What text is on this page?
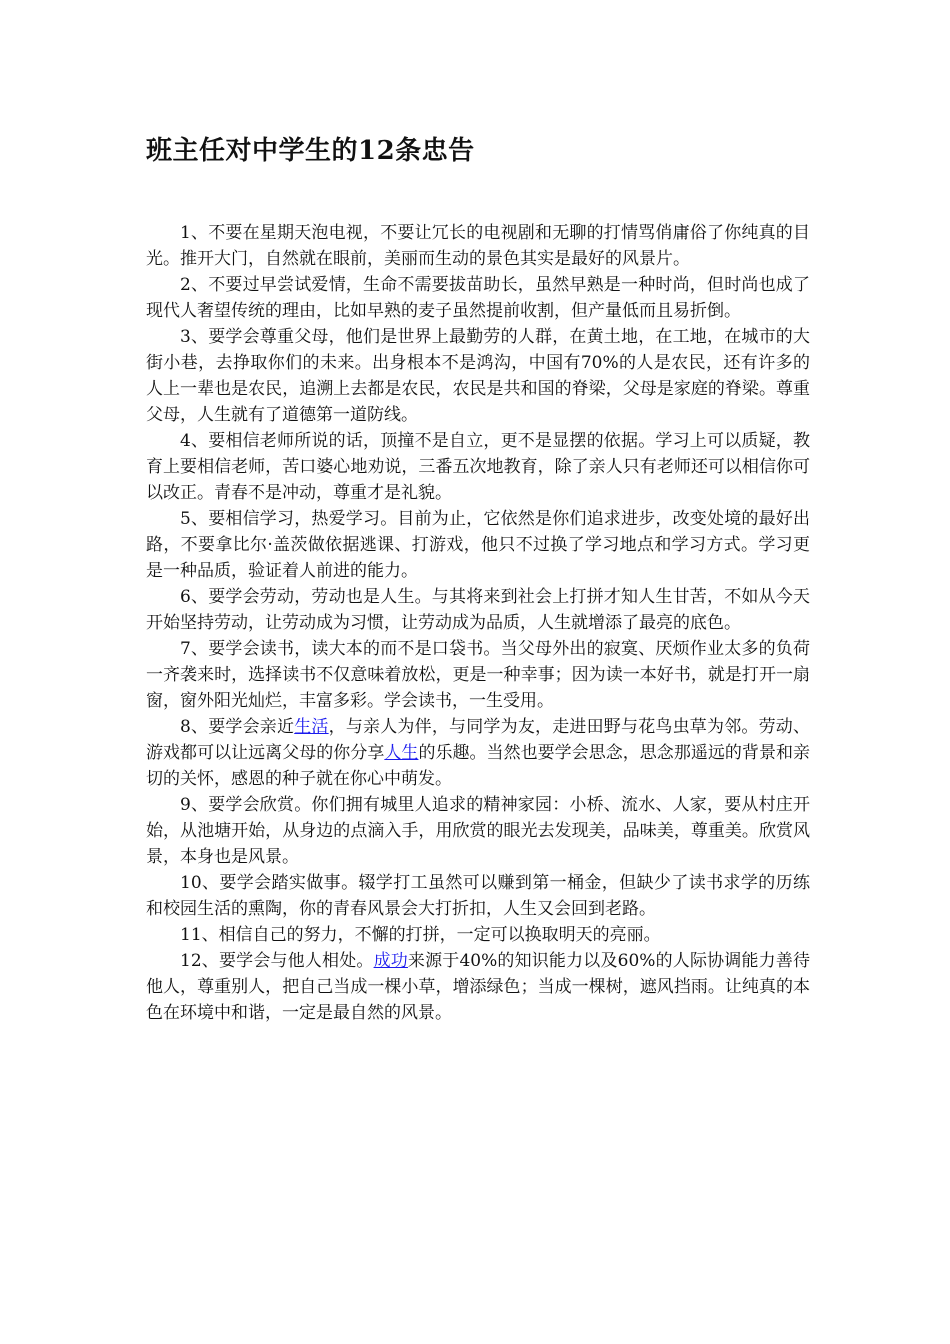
班主任对中学生的12条忠告

1、不要在星期天泡电视，不要让冗长的电视剧和无聊的打情骂俏庸俗了你纯真的目光。推开大门，自然就在眼前，美丽而生动的景色其实是最好的风景片。

2、不要过早尝试爱情，生命不需要拔苗助长，虽然早熟是一种时尚，但时尚也成了现代人奢望传统的理由，比如早熟的麦子虽然提前收割，但产量低而且易折倒。

3、要学会尊重父母，他们是世界上最勤劳的人群，在黄土地，在工地，在城市的大街小巷，去挣取你们的未来。出身根本不是鸿沟，中国有70%的人是农民，还有许多的人上一辈也是农民，追溯上去都是农民，农民是共和国的脊梁，父母是家庭的脊梁。尊重父母，人生就有了道德第一道防线。

4、要相信老师所说的话，顶撞不是自立，更不是显摆的依据。学习上可以质疑，教育上要相信老师，苦口婆心地劝说，三番五次地教育，除了亲人只有老师还可以相信你可以改正。青春不是冲动，尊重才是礼貌。

5、要相信学习，热爱学习。目前为止，它依然是你们追求进步，改变处境的最好出路，不要拿比尔·盖茨做依据逃课、打游戏，他只不过换了学习地点和学习方式。学习更是一种品质，验证着人前进的能力。

6、要学会劳动，劳动也是人生。与其将来到社会上打拼才知人生甘苦，不如从今天开始坚持劳动，让劳动成为习惯，让劳动成为品质，人生就增添了最亮的底色。

7、要学会读书，读大本的而不是口袋书。当父母外出的寂寞、厌烦作业太多的负荷一齐袭来时，选择读书不仅意味着放松，更是一种幸事；因为读一本好书，就是打开一扇窗，窗外阳光灿烂，丰富多彩。学会读书，一生受用。

8、要学会亲近生活，与亲人为伴，与同学为友，走进田野与花鸟虫草为邻。劳动、游戏都可以让远离父母的你分享人生的乐趣。当然也要学会思念，思念那遥远的背景和亲切的关怀，感恩的种子就在你心中萌发。

9、要学会欣赏。你们拥有城里人追求的精神家园：小桥、流水、人家，要从村庄开始，从池塘开始，从身边的点滴入手，用欣赏的眼光去发现美，品味美，尊重美。欣赏风景，本身也是风景。

10、要学会踏实做事。辍学打工虽然可以赚到第一桶金，但缺少了读书求学的历练和校园生活的熏陶，你的青春风景会大打折扣，人生又会回到老路。

11、相信自己的努力，不懈的打拼，一定可以换取明天的亮丽。

12、要学会与他人相处。成功来源于40%的知识能力以及60%的人际协调能力善待他人，尊重别人，把自己当成一棵小草，增添绿色；当成一棵树，遮风挡雨。让纯真的本色在环境中和谐，一定是最自然的风景。
